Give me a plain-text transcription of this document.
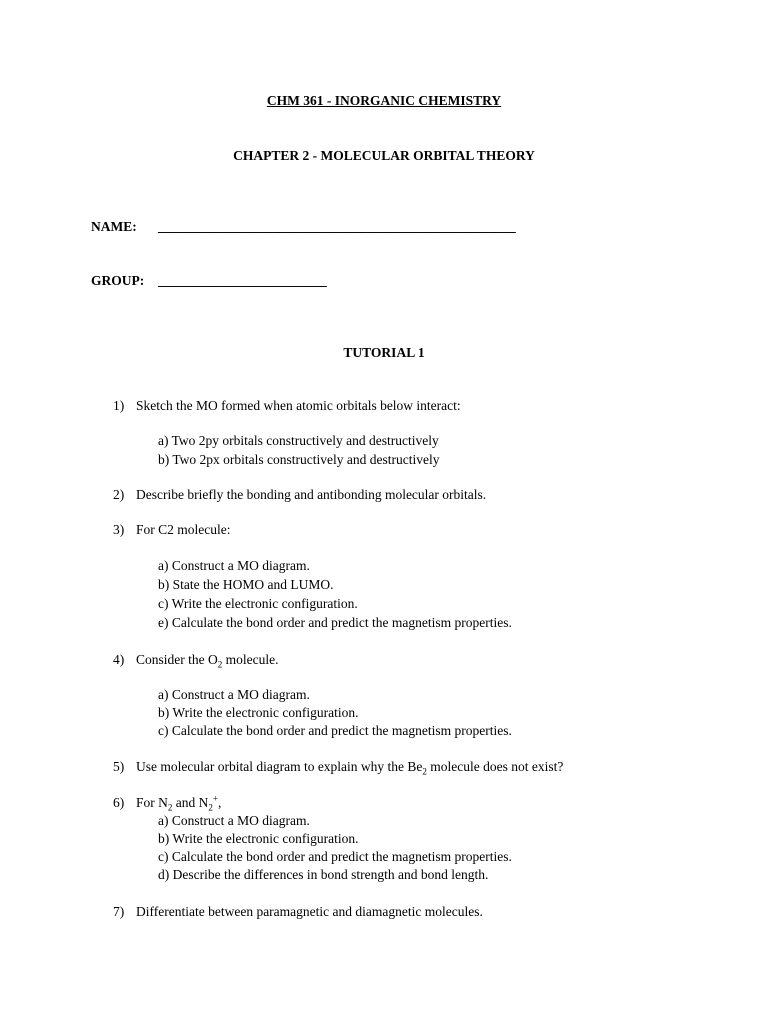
CHM 361 - INORGANIC CHEMISTRY
CHAPTER 2 - MOLECULAR ORBITAL THEORY
NAME: _____________________________________________________
GROUP: _________________________
TUTORIAL 1
1) Sketch the MO formed when atomic orbitals below interact:
a) Two 2py orbitals constructively and destructively
b) Two 2px orbitals constructively and destructively
2) Describe briefly the bonding and antibonding molecular orbitals.
3) For C2 molecule:
a) Construct a MO diagram.
b) State the HOMO and LUMO.
c) Write the electronic configuration.
e) Calculate the bond order and predict the magnetism properties.
4) Consider the $O_2$ molecule.
a) Construct a MO diagram.
b) Write the electronic configuration.
c) Calculate the bond order and predict the magnetism properties.
5) Use molecular orbital diagram to explain why the $Be_2$ molecule does not exist?
6) For $N_2$ and $N_2^+$,
a) Construct a MO diagram.
b) Write the electronic configuration.
c) Calculate the bond order and predict the magnetism properties.
d) Describe the differences in bond strength and bond length.
7) Differentiate between paramagnetic and diamagnetic molecules.
